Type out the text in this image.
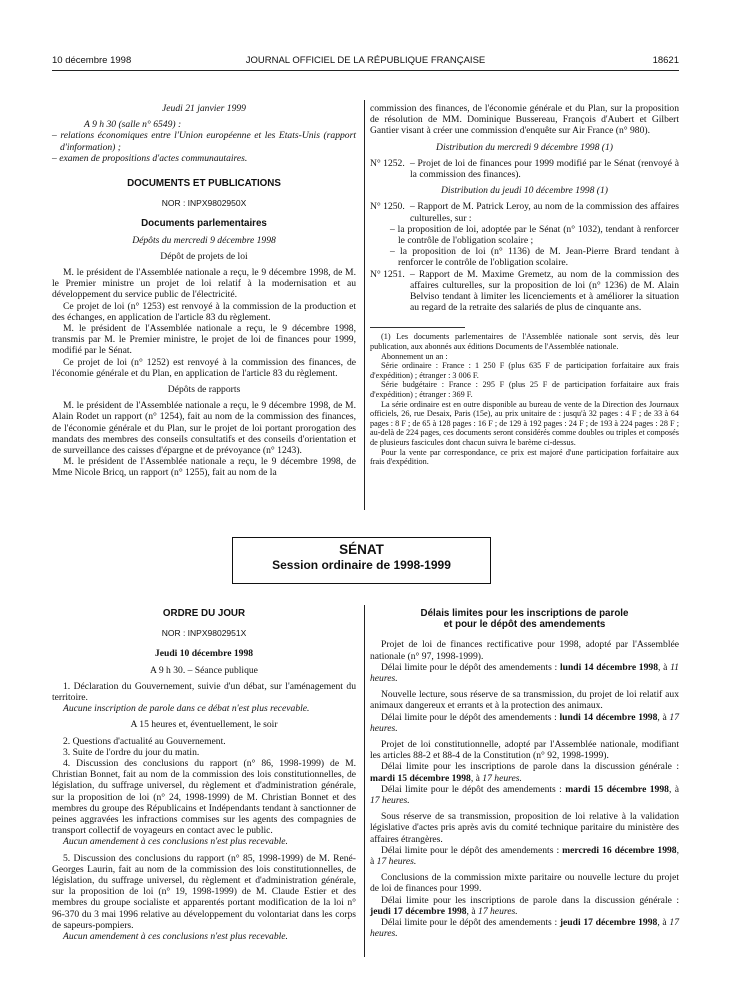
10 décembre 1998	JOURNAL OFFICIEL DE LA RÉPUBLIQUE FRANÇAISE	18621

Jeudi 21 janvier 1999

A 9 h 30 (salle n° 6549) :

– relations économiques entre l'Union européenne et les Etats-Unis (rapport d'information) ;

– examen de propositions d'actes communautaires.

DOCUMENTS ET PUBLICATIONS

NOR : INPX9802950X

Documents parlementaires

Dépôts du mercredi 9 décembre 1998

Dépôt de projets de loi

M. le président de l'Assemblée nationale a reçu, le 9 décembre 1998, de M. le Premier ministre un projet de loi relatif à la modernisation et au développement du service public de l'électricité.

Ce projet de loi (n° 1253) est renvoyé à la commission de la production et des échanges, en application de l'article 83 du règlement.

M. le président de l'Assemblée nationale a reçu, le 9 décembre 1998, transmis par M. le Premier ministre, le projet de loi de finances pour 1999, modifié par le Sénat.

Ce projet de loi (n° 1252) est renvoyé à la commission des finances, de l'économie générale et du Plan, en application de l'article 83 du règlement.

Dépôts de rapports

M. le président de l'Assemblée nationale a reçu, le 9 décembre 1998, de M. Alain Rodet un rapport (n° 1254), fait au nom de la commission des finances, de l'économie générale et du Plan, sur le projet de loi portant prorogation des mandats des membres des conseils consultatifs et des conseils d'orientation et de surveillance des caisses d'épargne et de prévoyance (n° 1243).

M. le président de l'Assemblée nationale a reçu, le 9 décembre 1998, de Mme Nicole Bricq, un rapport (n° 1255), fait au nom de la

commission des finances, de l'économie générale et du Plan, sur la proposition de résolution de MM. Dominique Bussereau, François d'Aubert et Gilbert Gantier visant à créer une commission d'enquête sur Air France (n° 980).

Distribution du mercredi 9 décembre 1998 (1)

N° 1252. – Projet de loi de finances pour 1999 modifié par le Sénat (renvoyé à la commission des finances).

Distribution du jeudi 10 décembre 1998 (1)

N° 1250. – Rapport de M. Patrick Leroy, au nom de la commission des affaires culturelles, sur :

– la proposition de loi, adoptée par le Sénat (n° 1032), tendant à renforcer le contrôle de l'obligation scolaire ;

– la proposition de loi (n° 1136) de M. Jean-Pierre Brard tendant à renforcer le contrôle de l'obligation scolaire.

N° 1251. – Rapport de M. Maxime Gremetz, au nom de la commission des affaires culturelles, sur la proposition de loi (n° 1236) de M. Alain Belviso tendant à limiter les licenciements et à améliorer la situation au regard de la retraite des salariés de plus de cinquante ans.

(1) Les documents parlementaires de l'Assemblée nationale sont servis, dès leur publication, aux abonnés aux éditions Documents de l'Assemblée nationale.

Abonnement un an :

Série ordinaire : France : 1 250 F (plus 635 F de participation forfaitaire aux frais d'expédition) ; étranger : 3 006 F.

Série budgétaire : France : 295 F (plus 25 F de participation forfaitaire aux frais d'expédition) ; étranger : 369 F.

La série ordinaire est en outre disponible au bureau de vente de la Direction des Journaux officiels, 26, rue Desaix, Paris (15e), au prix unitaire de : jusqu'à 32 pages : 4 F ; de 33 à 64 pages : 8 F ; de 65 à 128 pages : 16 F ; de 129 à 192 pages : 24 F ; de 193 à 224 pages : 28 F ; au-delà de 224 pages, ces documents seront considérés comme doubles ou triples et composés de plusieurs fascicules dont chacun suivra le barème ci-dessus.

Pour la vente par correspondance, ce prix est majoré d'une participation forfaitaire aux frais d'expédition.

SÉNAT
Session ordinaire de 1998-1999

ORDRE DU JOUR

NOR : INPX9802951X

Jeudi 10 décembre 1998

A 9 h 30. – Séance publique

1. Déclaration du Gouvernement, suivie d'un débat, sur l'aménagement du territoire.

Aucune inscription de parole dans ce débat n'est plus recevable.

A 15 heures et, éventuellement, le soir

2. Questions d'actualité au Gouvernement.

3. Suite de l'ordre du jour du matin.

4. Discussion des conclusions du rapport (n° 86, 1998-1999) de M. Christian Bonnet, fait au nom de la commission des lois constitutionnelles, de législation, du suffrage universel, du règlement et d'administration générale, sur la proposition de loi (n° 24, 1998-1999) de M. Christian Bonnet et des membres du groupe des Républicains et Indépendants tendant à sanctionner de peines aggravées les infractions commises sur les agents des compagnies de transport collectif de voyageurs en contact avec le public.

Aucun amendement à ces conclusions n'est plus recevable.

5. Discussion des conclusions du rapport (n° 85, 1998-1999) de M. René-Georges Laurin, fait au nom de la commission des lois constitutionnelles, de législation, du suffrage universel, du règlement et d'administration générale, sur la proposition de loi (n° 19, 1998-1999) de M. Claude Estier et des membres du groupe socialiste et apparentés portant modification de la loi n° 96-370 du 3 mai 1996 relative au développement du volontariat dans les corps de sapeurs-pompiers.

Aucun amendement à ces conclusions n'est plus recevable.

Délais limites pour les inscriptions de parole

et pour le dépôt des amendements

Projet de loi de finances rectificative pour 1998, adopté par l'Assemblée nationale (n° 97, 1998-1999).

Délai limite pour le dépôt des amendements : lundi 14 décembre 1998, à 11 heures.

Nouvelle lecture, sous réserve de sa transmission, du projet de loi relatif aux animaux dangereux et errants et à la protection des animaux.

Délai limite pour le dépôt des amendements : lundi 14 décembre 1998, à 17 heures.

Projet de loi constitutionnelle, adopté par l'Assemblée nationale, modifiant les articles 88-2 et 88-4 de la Constitution (n° 92, 1998-1999).

Délai limite pour les inscriptions de parole dans la discussion générale : mardi 15 décembre 1998, à 17 heures.

Délai limite pour le dépôt des amendements : mardi 15 décembre 1998, à 17 heures.

Sous réserve de sa transmission, proposition de loi relative à la validation législative d'actes pris après avis du comité technique paritaire du ministère des affaires étrangères.

Délai limite pour le dépôt des amendements : mercredi 16 décembre 1998, à 17 heures.

Conclusions de la commission mixte paritaire ou nouvelle lecture du projet de loi de finances pour 1999.

Délai limite pour les inscriptions de parole dans la discussion générale : jeudi 17 décembre 1998, à 17 heures.

Délai limite pour le dépôt des amendements : jeudi 17 décembre 1998, à 17 heures.
